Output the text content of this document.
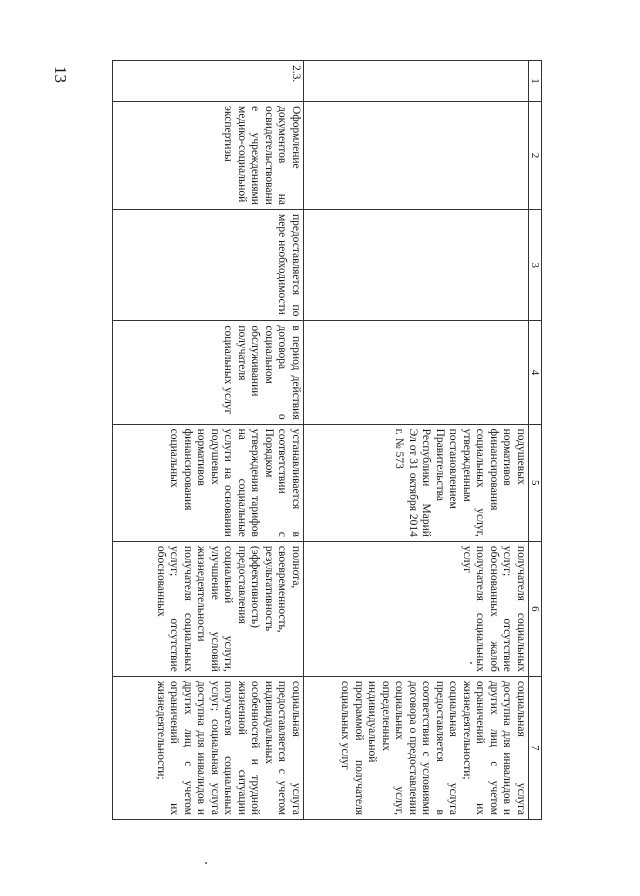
13	1	2	3	4	5	6	7
				подушевых нормативов финансирования социальных услуг, утвержденным постановлением Правительства Республики Марий Эл от 31 октября 2014 г. № 573	получателя социальных услуг; отсутствие обоснованных жалоб получателя социальных услуг	социальная услуга доступна для инвалидов и других лиц с учетом ограничений их жизнедеятельности; социальная услуга предоставляется в соответствии с условиями договора о предоставлении социальных услуг, определенных индивидуальной программой получателя социальных услуг
2.3.	Оформление документов на освидетельствование учреждениями медико-социальной экспертизы	предоставляется по мере необходимости	в период действия договора о социальном обслуживании получателя социальных услуг	устанавливается в соответствии с Порядком утверждения тарифов на социальные услуги на основании подушевых нормативов финансирования социальных	полнота, своевременность, результативность (эффективность) предоставления социальной услуги, улучшение условий жизнедеятельности получателя социальных услуг; отсутствие обоснованных	социальная услуга предоставляется с учетом индивидуальных особенностей и трудной жизненной ситуации получателя социальных услуг; социальная услуга доступна для инвалидов и других лиц с учетом ограничений их жизнедеятельности;
